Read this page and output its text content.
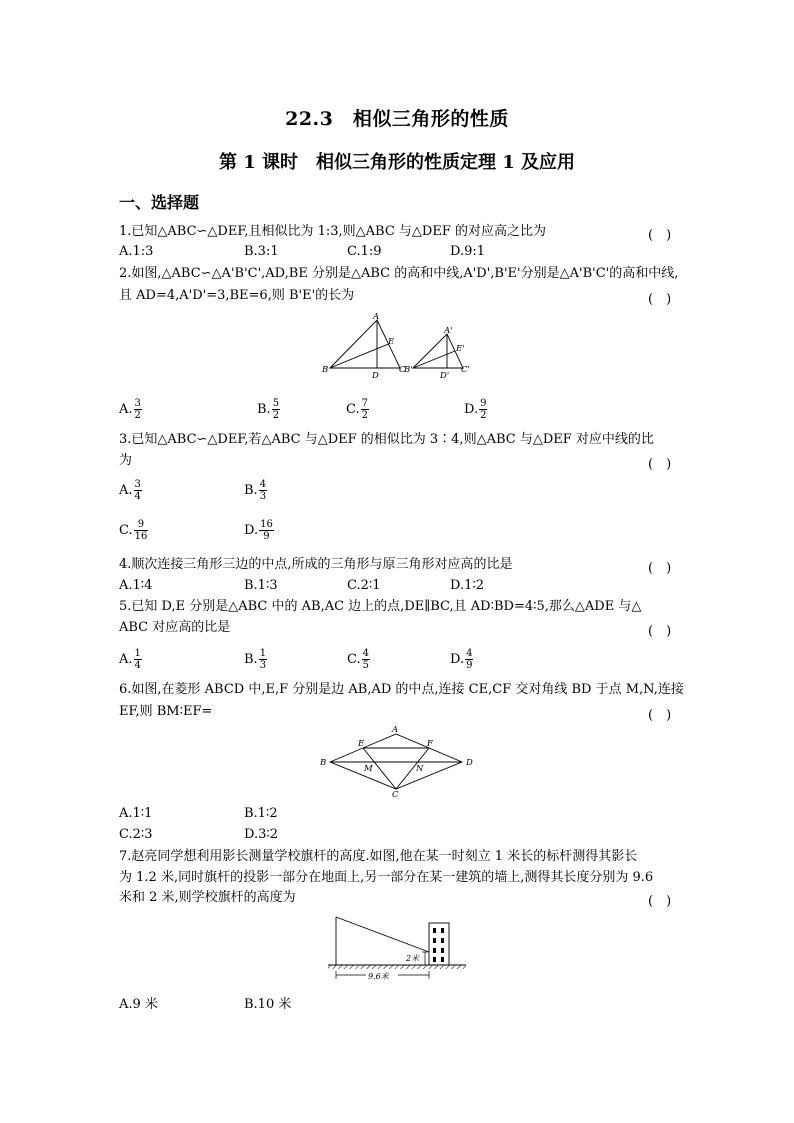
22.3　相似三角形的性质
第 1 课时　相似三角形的性质定理 1 及应用
一、选择题
1.已知△ABC∽△DEF,且相似比为 1:3,则△ABC 与△DEF 的对应高之比为	(　)
A.1:3	B.3:1	C.1:9	D.9:1
2.如图,△ABC∽△A'B'C',AD,BE 分别是△ABC 的高和中线,A'D',B'E'分别是△A'B'C'的高和中线,
且 AD=4,A'D'=3,BE=6,则 B'E'的长为	(　)
A
B
E
D
C
A'
B'
E'
D'
C'
A. $\frac{3}{2}$	B. $\frac{5}{2}$	C. $\frac{7}{2}$	D. $\frac{9}{2}$
3.已知△ABC∽△DEF,若△ABC 与△DEF 的相似比为 3∶4,则△ABC 与△DEF 对应中线的比
为	(　)
A. $\frac{3}{4}$	B. $\frac{4}{3}$
C. $\frac{9}{16}$	D. $\frac{16}{9}$
4.顺次连接三角形三边的中点,所成的三角形与原三角形对应高的比是	(　)
A.1∶4	B.1∶3	C.2∶1	D.1∶2
5.已知 D,E 分别是△ABC 中的 AB,AC 边上的点,DE∥BC,且 AD∶BD=4∶5,那么△ADE 与△
ABC 对应高的比是	(　)
A. $\frac{1}{4}$	B. $\frac{1}{3}$	C. $\frac{4}{5}$	D. $\frac{4}{9}$
6.如图,在菱形 ABCD 中,E,F 分别是边 AB,AD 的中点,连接 CE,CF 交对角线 BD 于点 M,N,连接
EF,则 BM∶EF=	(　)
E
A
F
B
M	N
D
C
A.1∶1	B.1∶2
C.2∶3	D.3∶2
7.赵亮同学想利用影长测量学校旗杆的高度.如图,他在某一时刻立 1 米长的标杆测得其影长
为 1.2 米,同时旗杆的投影一部分在地面上,另一部分在某一建筑的墙上,测得其长度分别为 9.6
米和 2 米,则学校旗杆的高度为	(　)
2米
9.6米
A.9 米	B.10 米
